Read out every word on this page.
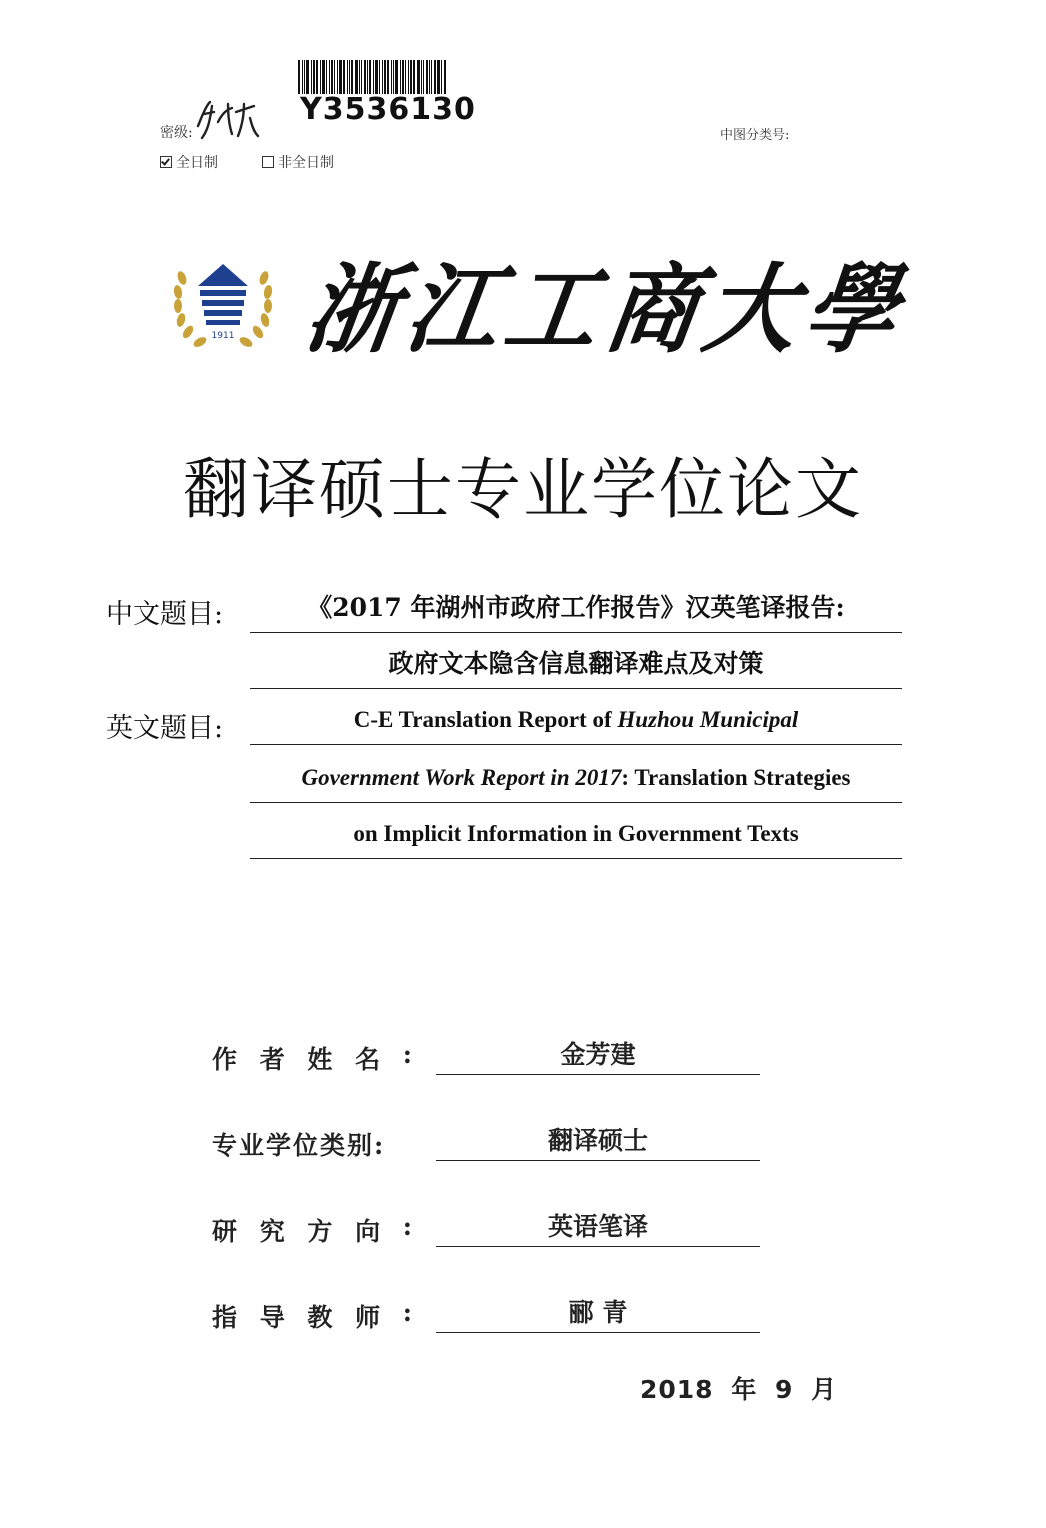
Y3536130
密级:	中图分类号:
全日制	非全日制
1911 浙
江
工
商
大
學
翻译硕士专业学位论文
中文题目:	《2017 年湖州市政府工作报告》汉英笔译报告:
政府文本隐含信息翻译难点及对策
英文题目:	C-E Translation Report of Huzhou Municipal
Government Work Report in 2017: Translation Strategies
on Implicit Information in Government Texts
作 者 姓 名 :	金芳建
专业学位类别:	翻译硕士
研 究 方 向 :	英语笔译
指 导 教 师 :	郦 青
2018 年 9 月
